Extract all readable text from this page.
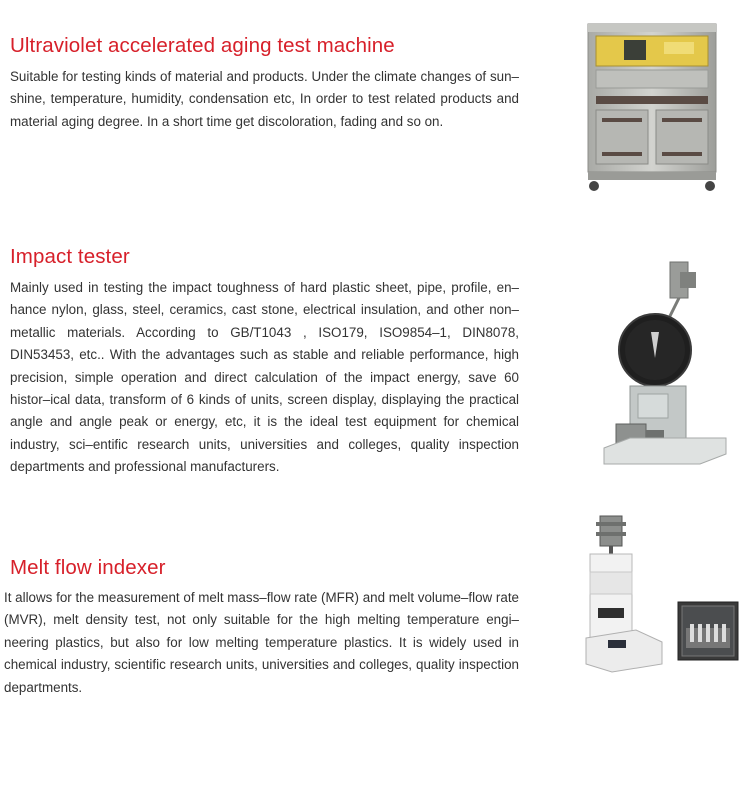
Ultraviolet accelerated aging test machine

Suitable for testing kinds of material and products. Under the climate changes of sun–shine, temperature, humidity, condensation etc, In order to test related products and material aging degree. In a short time get discoloration, fading and so on.

Impact tester

Mainly used in testing the impact toughness of hard plastic sheet, pipe, profile, en–hance nylon, glass, steel, ceramics, cast stone, electrical insulation, and other non–metallic materials. According to GB/T1043 , ISO179, ISO9854–1, DIN8078, DIN53453, etc.. With the advantages such as stable and reliable performance, high precision, simple operation and direct calculation of the impact energy, save 60 histor–ical data, transform of 6 kinds of units, screen display, displaying the practical angle and angle peak or energy, etc, it is the ideal test equipment for chemical industry, sci–entific research units, universities and colleges, quality inspection departments and professional manufacturers.

Melt flow indexer

It allows for the measurement of melt mass–flow rate (MFR) and melt volume–flow rate (MVR), melt density test, not only suitable for the high melting temperature engi–neering plastics, but also for low melting temperature plastics. It is widely used in chemical industry, scientific research units, universities and colleges, quality inspection departments.
